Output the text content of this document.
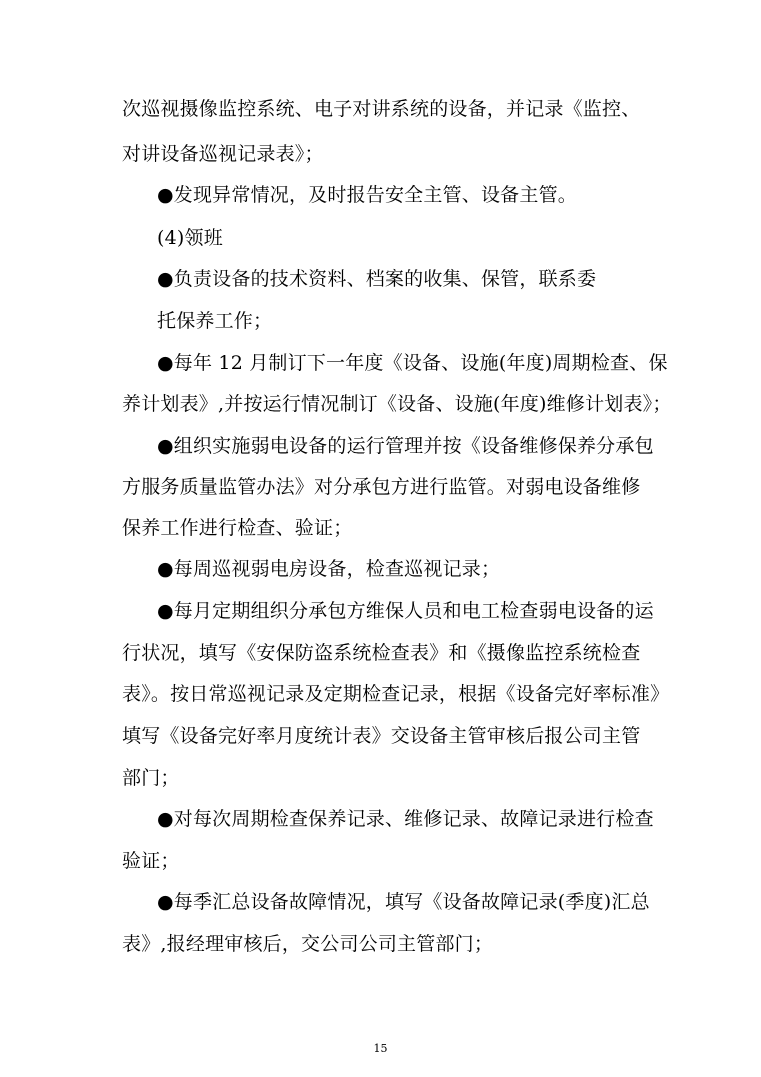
次巡视摄像监控系统、电子对讲系统的设备，并记录《监控、
对讲设备巡视记录表》；
●发现异常情况，及时报告安全主管、设备主管。
(4)领班
●负责设备的技术资料、档案的收集、保管，联系委
托保养工作；
●每年 12 月制订下一年度《设备、设施(年度)周期检查、保
养计划表》,并按运行情况制订《设备、设施(年度)维修计划表》；
●组织实施弱电设备的运行管理并按《设备维修保养分承包
方服务质量监管办法》对分承包方进行监管。对弱电设备维修
保养工作进行检查、验证；
●每周巡视弱电房设备，检查巡视记录；
●每月定期组织分承包方维保人员和电工检查弱电设备的运
行状况，填写《安保防盗系统检查表》和《摄像监控系统检查
表》。按日常巡视记录及定期检查记录，根据《设备完好率标准》
填写《设备完好率月度统计表》交设备主管审核后报公司主管
部门；
●对每次周期检查保养记录、维修记录、故障记录进行检查
验证；
●每季汇总设备故障情况，填写《设备故障记录(季度)汇总
表》,报经理审核后，交公司公司主管部门；
15
